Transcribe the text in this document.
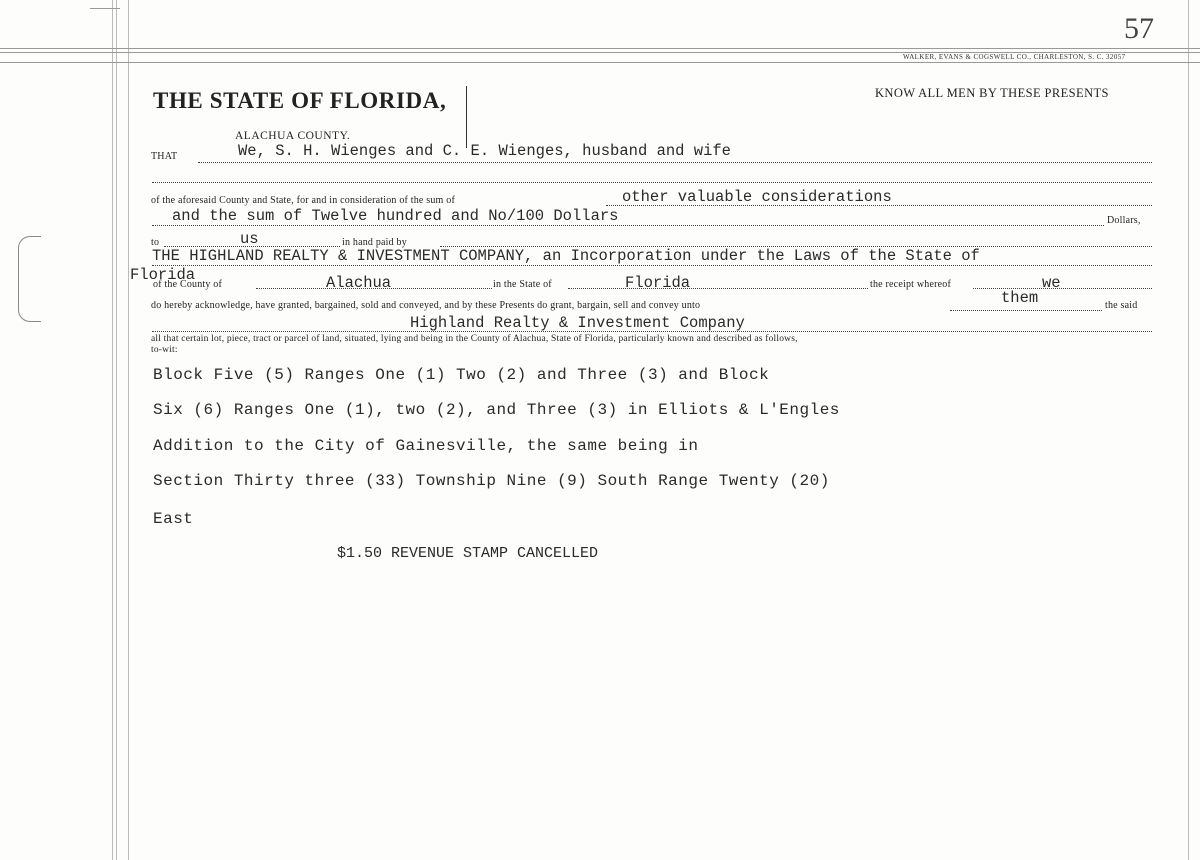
57
WALKER, EVANS & COGSWELL CO., CHARLESTON, S. C. 32057
THE STATE OF FLORIDA,	KNOW ALL MEN BY THESE PRESENTS
ALACHUA COUNTY.
THAT	We, S. H. Wienges and C. E. Wienges, husband and wife
of the aforesaid County and State, for and in consideration of the sum of	other valuable considerations
and the sum of Twelve hundred and No/100 Dollars	Dollars,
to	us	in hand paid by
THE HIGHLAND REALTY & INVESTMENT COMPANY, an Incorporation under the Laws of the State of
Florida
of the County of	Alachua	in the State of	Florida	the receipt whereof	we
do hereby acknowledge, have granted, bargained, sold and conveyed, and by these Presents do grant, bargain, sell and convey unto	them	the said
Highland Realty & Investment Company
all that certain lot, piece, tract or parcel of land, situated, lying and being in the County of Alachua, State of Florida, particularly known and described as follows,
to-wit:
Block Five (5) Ranges One (1) Two (2) and Three (3) and Block
Six (6) Ranges One (1), two (2), and Three (3) in Elliots & L'Engles
Addition to the City of Gainesville, the same being in
Section Thirty three (33) Township Nine (9) South Range Twenty (20)
East
$1.50 REVENUE STAMP CANCELLED
